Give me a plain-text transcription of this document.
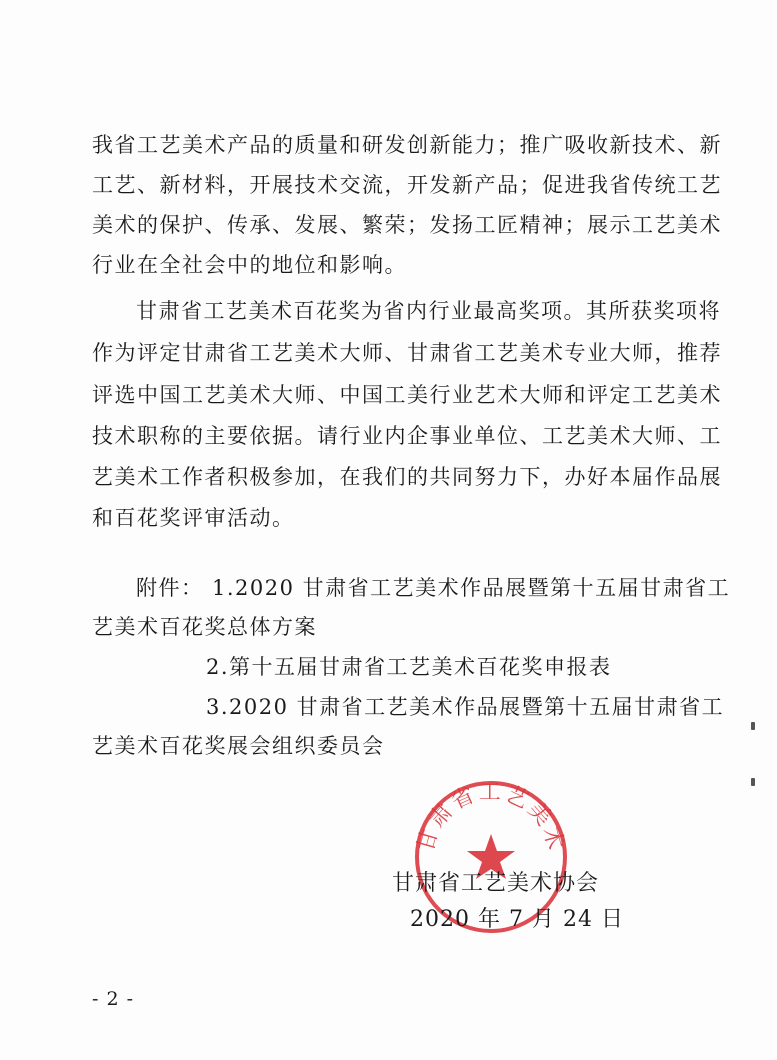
我省工艺美术产品的质量和研发创新能力；推广吸收新技术、新
工艺、新材料，开展技术交流，开发新产品；促进我省传统工艺
美术的保护、传承、发展、繁荣；发扬工匠精神；展示工艺美术
行业在全社会中的地位和影响。
甘肃省工艺美术百花奖为省内行业最高奖项。其所获奖项将
作为评定甘肃省工艺美术大师、甘肃省工艺美术专业大师，推荐
评选中国工艺美术大师、中国工美行业艺术大师和评定工艺美术
技术职称的主要依据。请行业内企事业单位、工艺美术大师、工
艺美术工作者积极参加，在我们的共同努力下，办好本届作品展
和百花奖评审活动。
附件： 1.2020 甘肃省工艺美术作品展暨第十五届甘肃省工
艺美术百花奖总体方案
2.第十五届甘肃省工艺美术百花奖申报表
3.2020 甘肃省工艺美术作品展暨第十五届甘肃省工
艺美术百花奖展会组织委员会
甘肃省工艺美术
甘肃省工艺美术协会
2020 年 7 月 24 日
- 2 -
